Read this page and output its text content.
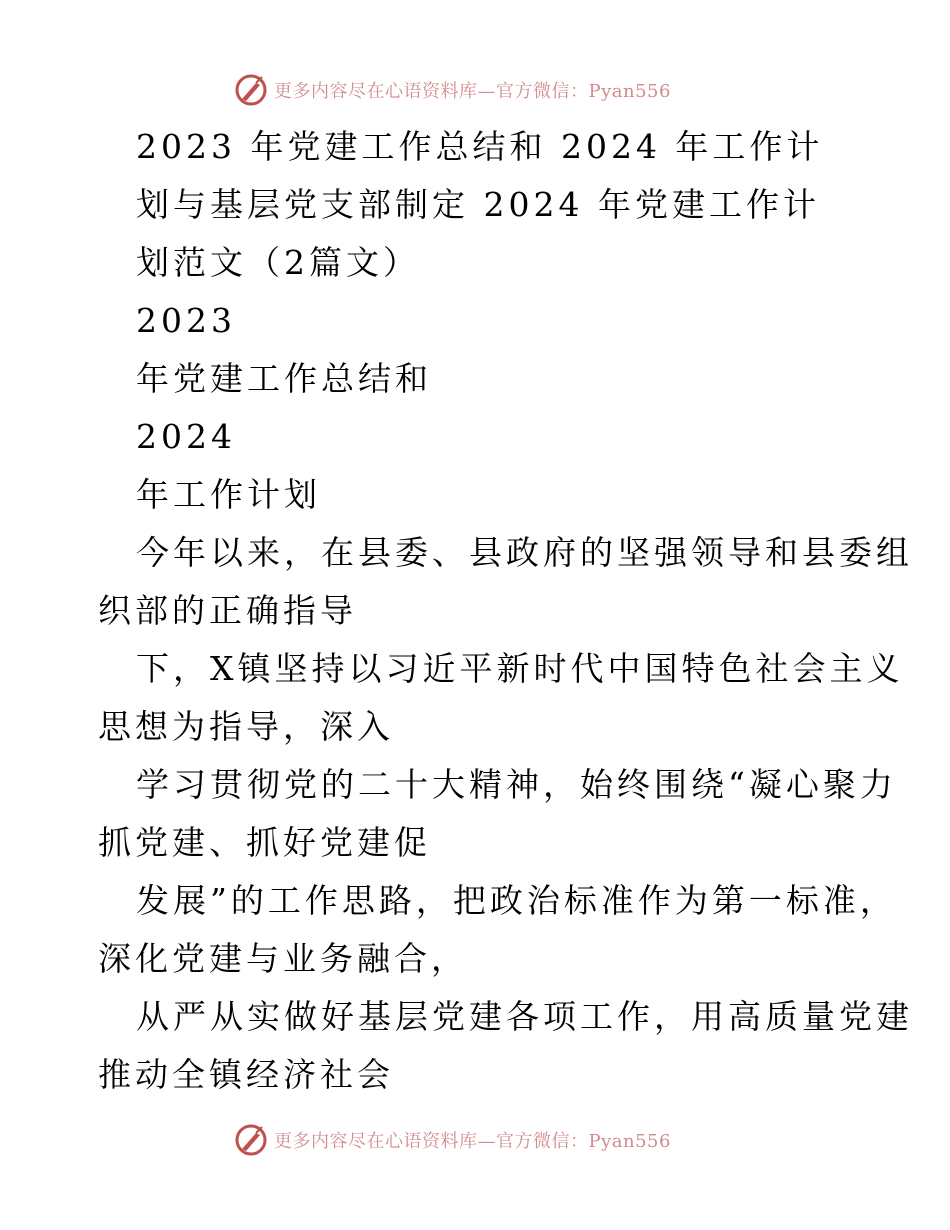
更多内容尽在心语资料库—官方微信：Pyan556
2023 年党建工作总结和 2024 年工作计
划与基层党支部制定 2024 年党建工作计
划范文（2篇文）
2023
年党建工作总结和
2024
年工作计划
今年以来，在县委、县政府的坚强领导和县委组
织部的正确指导
下，X镇坚持以习近平新时代中国特色社会主义
思想为指导，深入
学习贯彻党的二十大精神，始终围绕“凝心聚力
抓党建、抓好党建促
发展”的工作思路，把政治标准作为第一标准，
深化党建与业务融合，
从严从实做好基层党建各项工作，用高质量党建
推动全镇经济社会
更多内容尽在心语资料库—官方微信：Pyan556
